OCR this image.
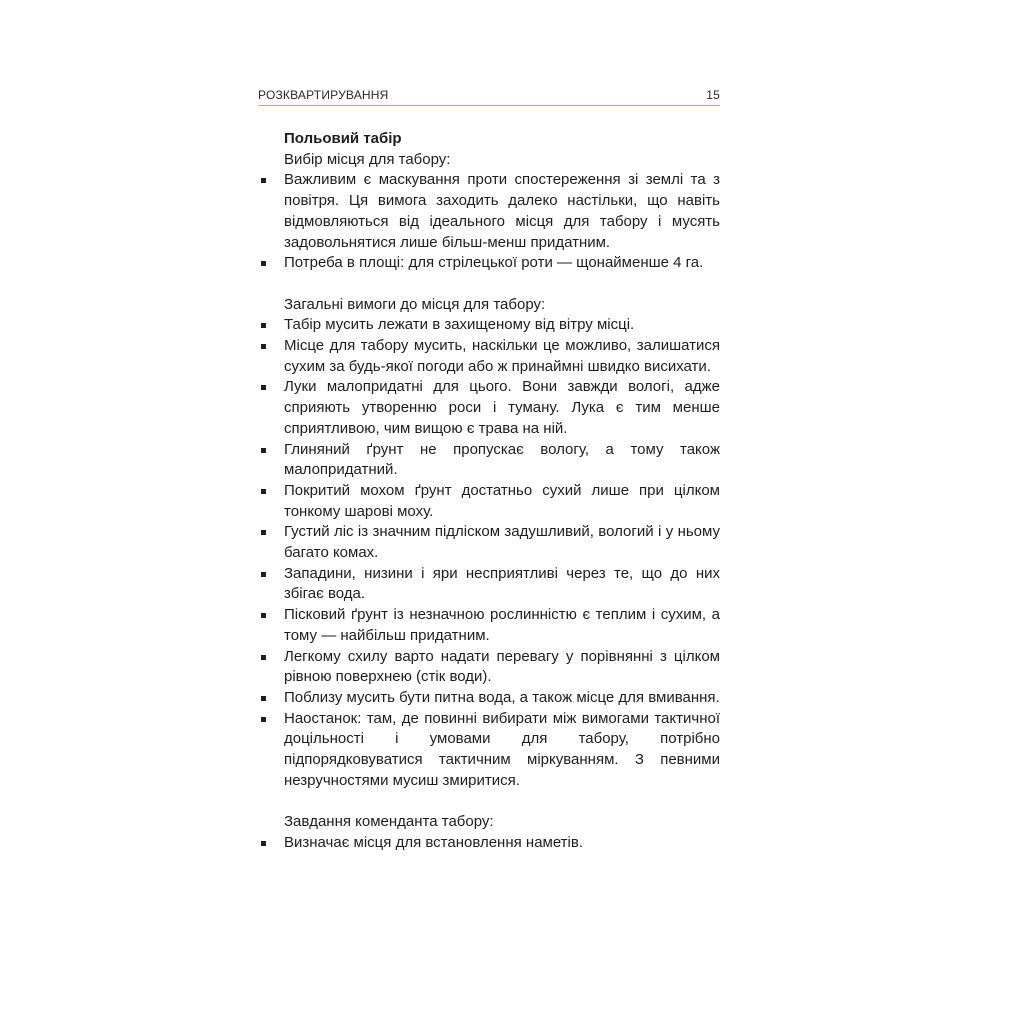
РОЗКВАРТИРУВАННЯ	15
Польовий табір
Вибір місця для табору:
Важливим є маскування проти спостереження зі землі та з повітря. Ця вимога заходить далеко настільки, що навіть відмовляються від ідеального місця для табору і мусять задовольнятися лише більш-менш придатним.
Потреба в площі: для стрілецької роти — щонайменше 4 га.
Загальні вимоги до місця для табору:
Табір мусить лежати в захищеному від вітру місці.
Місце для табору мусить, наскільки це можливо, залишатися сухим за будь-якої погоди або ж принаймні швидко висихати.
Луки малопридатні для цього. Вони завжди вологі, адже сприяють утворенню роси і туману. Лука є тим менше сприятливою, чим вищою є трава на ній.
Глиняний ґрунт не пропускає вологу, а тому також малопридатний.
Покритий мохом ґрунт достатньо сухий лише при цілком тонкому шарові моху.
Густий ліс із значним підліском задушливий, вологий і у ньому багато комах.
Западини, низини і яри несприятливі через те, що до них збігає вода.
Пісковий ґрунт із незначною рослинністю є теплим і сухим, а тому — найбільш придатним.
Легкому схилу варто надати перевагу у порівнянні з цілком рівною поверхнею (стік води).
Поблизу мусить бути питна вода, а також місце для вмивання.
Наостанок: там, де повинні вибирати між вимогами тактичної доцільності і умовами для табору, потрібно підпорядковуватися тактичним міркуванням. З певними незручностями мусиш змиритися.
Завдання коменданта табору:
Визначає місця для встановлення наметів.
